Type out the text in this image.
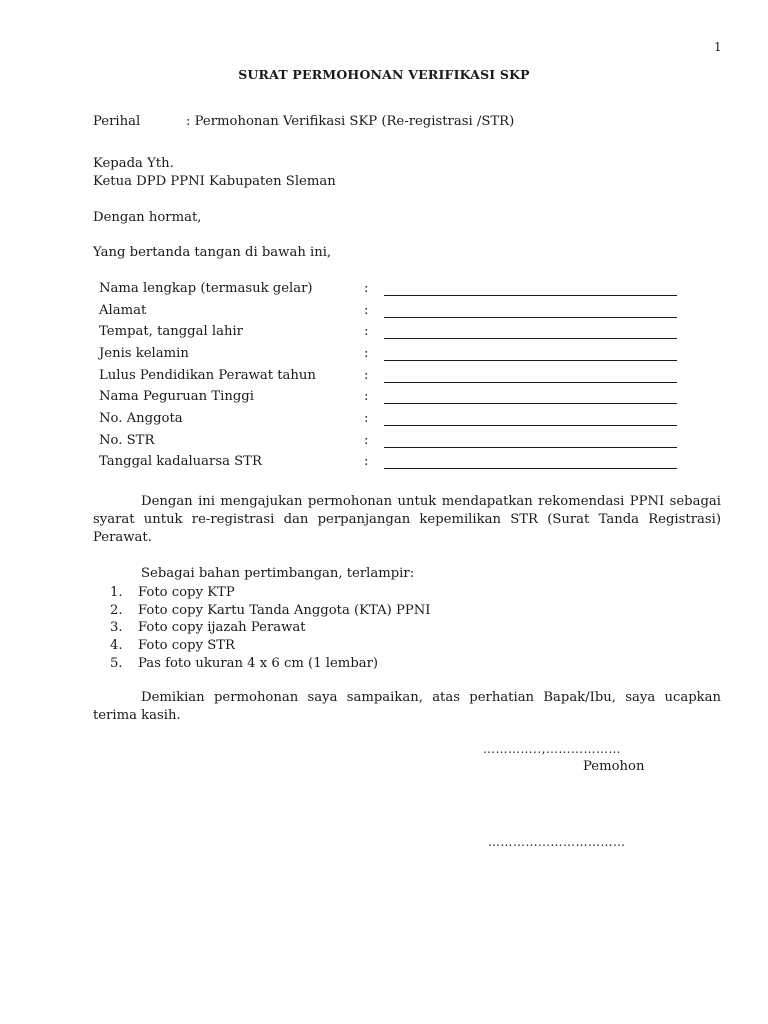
1
SURAT PERMOHONAN VERIFIKASI SKP
Perihal	: Permohonan Verifikasi SKP (Re-registrasi /STR)
Kepada Yth.
Ketua DPD PPNI Kabupaten Sleman
Dengan hormat,
Yang bertanda tangan di bawah ini,
Nama lengkap (termasuk gelar)	:
Alamat	:
Tempat, tanggal lahir	:
Jenis kelamin	:
Lulus Pendidikan Perawat tahun	:
Nama Peguruan Tinggi	:
No. Anggota	:
No. STR	:
Tanggal kadaluarsa STR	:
Dengan ini mengajukan permohonan untuk mendapatkan rekomendasi PPNI sebagai syarat untuk re-registrasi dan perpanjangan kepemilikan STR (Surat Tanda Registrasi) Perawat.
Sebagai bahan pertimbangan, terlampir:
1.	Foto copy KTP
2.	Foto copy Kartu Tanda Anggota (KTA) PPNI
3.	Foto copy ijazah Perawat
4.	Foto copy STR
5.	Pas foto ukuran 4 x 6 cm (1 lembar)
Demikian permohonan saya sampaikan, atas perhatian Bapak/Ibu, saya ucapkan terima kasih.
…………..,………………
Pemohon
……………………………
